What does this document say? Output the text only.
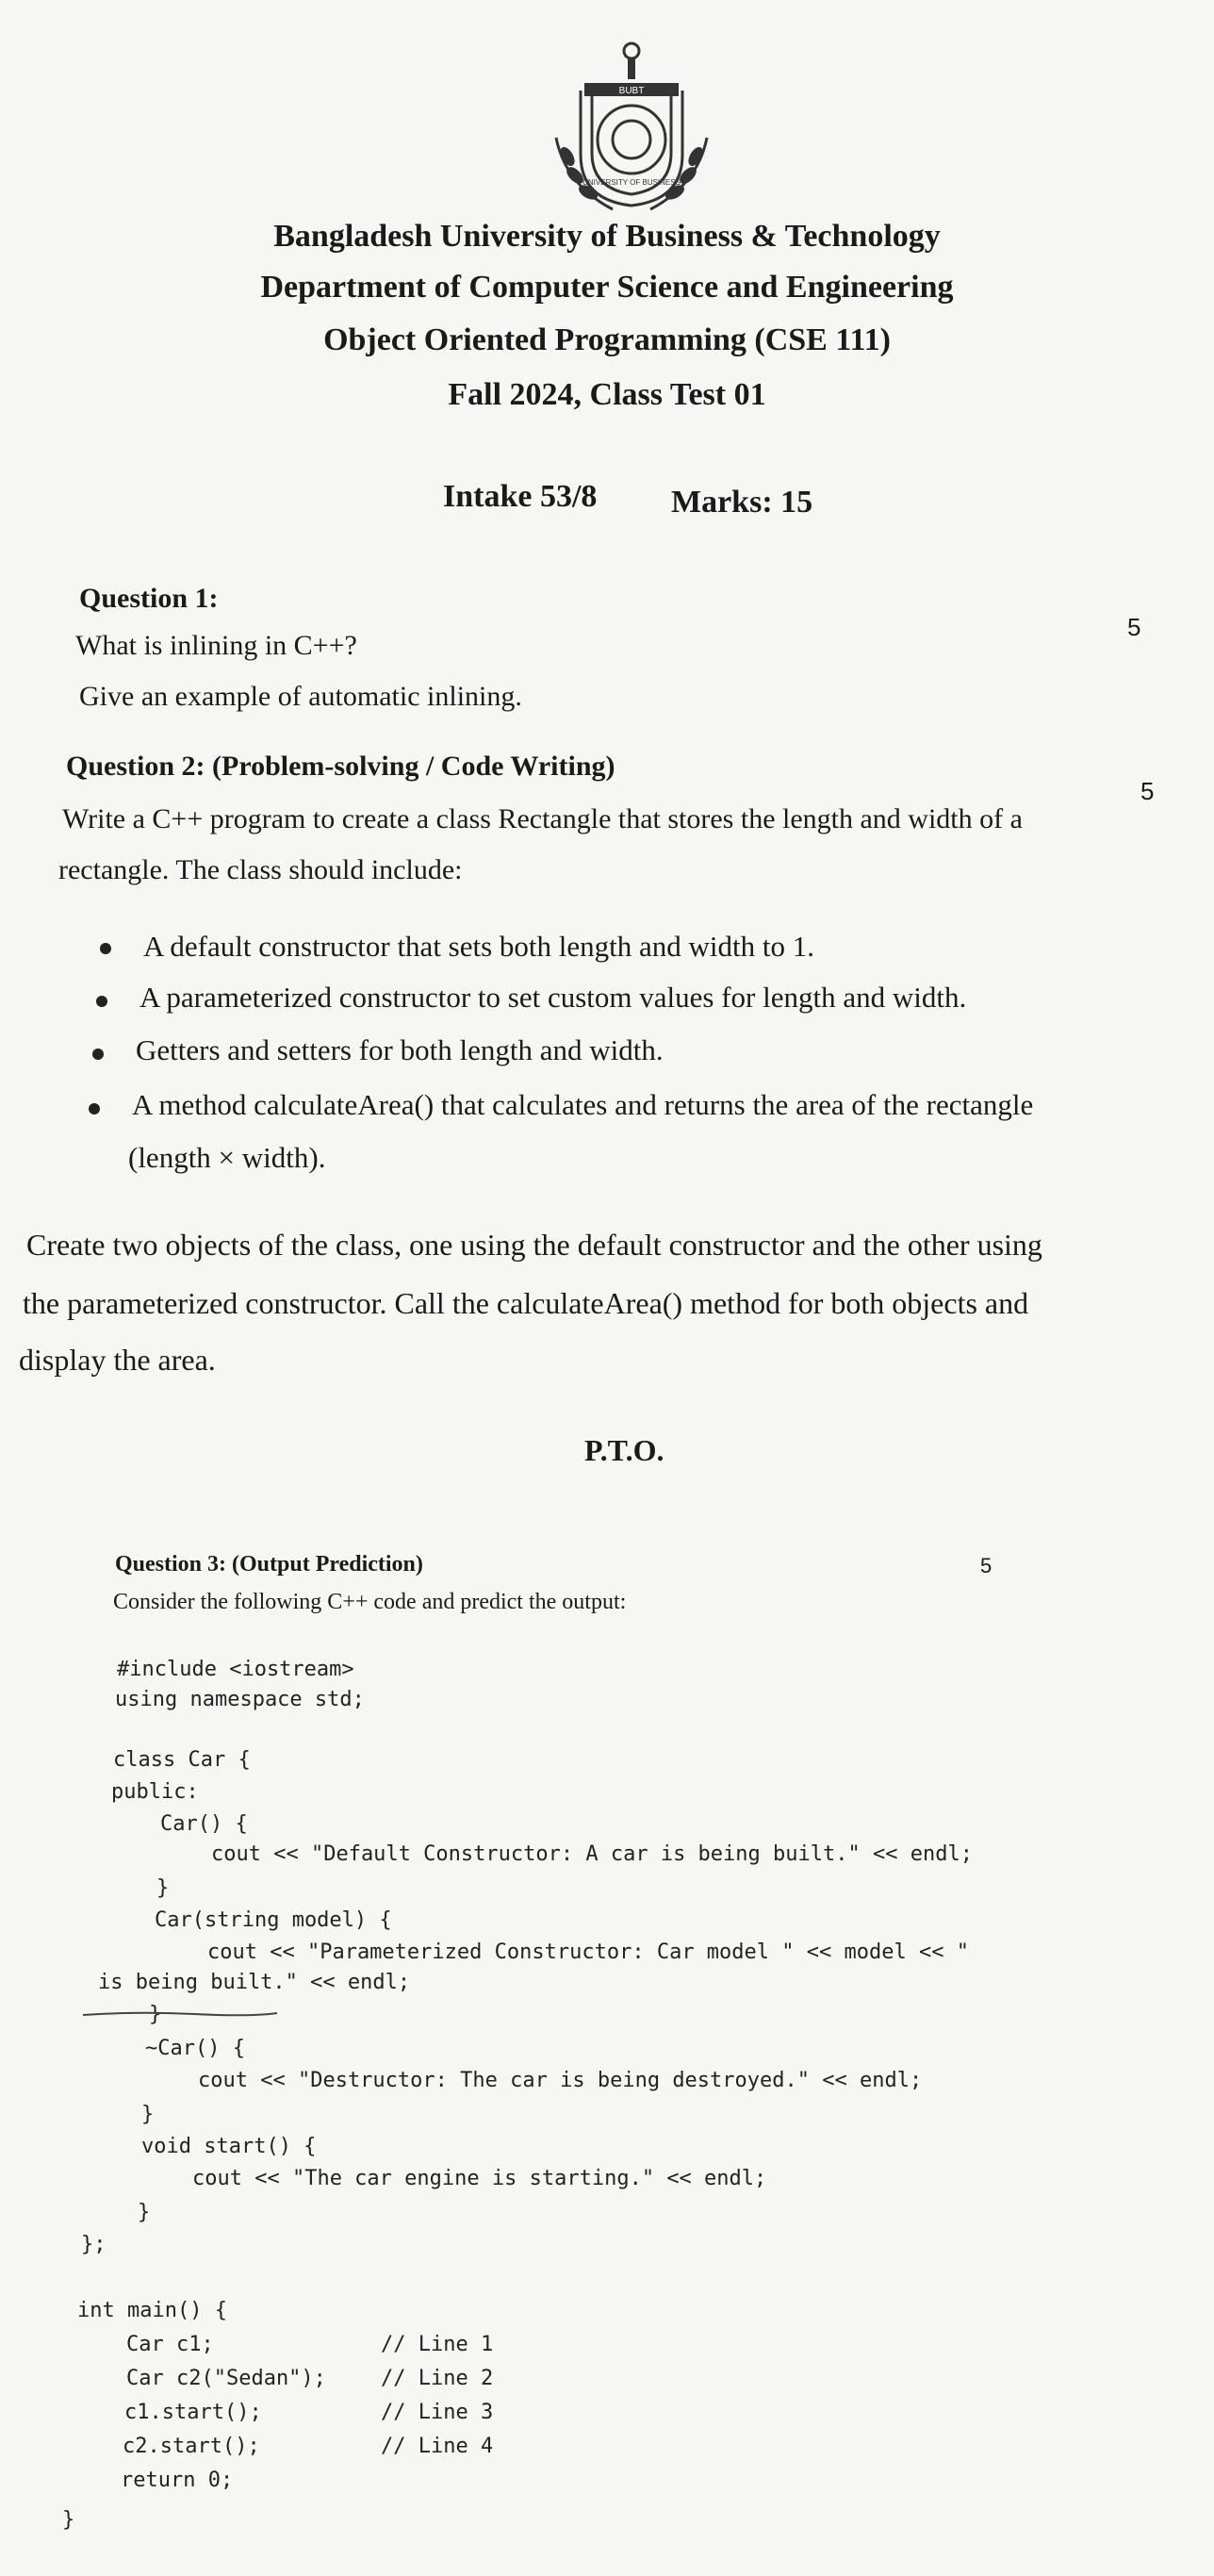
BUBT
UNIVERSITY OF BUSINESS
Bangladesh University of Business & Technology
Department of Computer Science and Engineering
Object Oriented Programming (CSE 111)
Fall 2024, Class Test 01
Intake 53/8 Marks: 15
Question 1:
5
What is inlining in C++?
Give an example of automatic inlining.
Question 2: (Problem-solving / Code Writing)
5
Write a C++ program to create a class Rectangle that stores the length and width of a
rectangle. The class should include:
A default constructor that sets both length and width to 1.
A parameterized constructor to set custom values for length and width.
Getters and setters for both length and width.
A method calculateArea() that calculates and returns the area of the rectangle
(length × width).
Create two objects of the class, one using the default constructor and the other using
the parameterized constructor. Call the calculateArea() method for both objects and
display the area.
P.T.O.
Question 3: (Output Prediction)	5
Consider the following C++ code and predict the output:
#include <iostream>
using namespace std;
class Car {
public:
Car() {
cout << "Default Constructor: A car is being built." << endl;
}
Car(string model) {
cout << "Parameterized Constructor: Car model " << model << "
is being built." << endl;
}
~Car() {
cout << "Destructor: The car is being destroyed." << endl;
}
void start() {
cout << "The car engine is starting." << endl;
}
};
int main() {
Car c1;	// Line 1
Car c2("Sedan");	// Line 2
c1.start();	// Line 3
c2.start();	// Line 4
return 0;
}
